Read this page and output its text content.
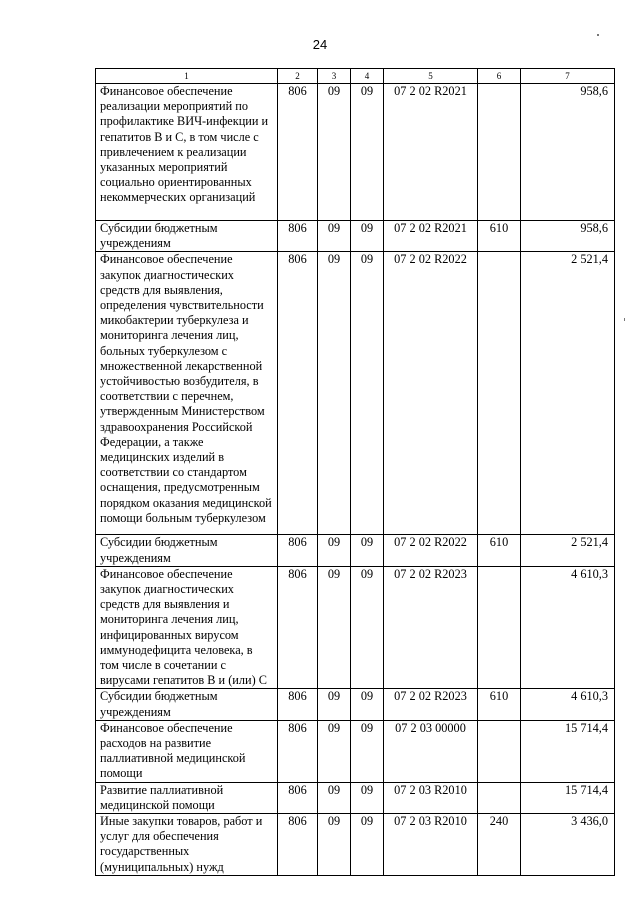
24
1	2	3	4	5	6	7
Финансовое обеспечение реализации мероприятий по профилактике ВИЧ-инфекции и гепатитов В и С, в том числе с привлечением к реализации указанных мероприятий социально ориентированных некоммерческих организаций	806	09	09	07 2 02 R2021		958,6
Субсидии бюджетным учреждениям	806	09	09	07 2 02 R2021	610	958,6
Финансовое обеспечение закупок диагностических средств для выявления, определения чувствительности микобактерии туберкулеза и мониторинга лечения лиц, больных туберкулезом с множественной лекарственной устойчивостью возбудителя, в соответствии с перечнем, утвержденным Министерством здравоохранения Российской Федерации, а также медицинских изделий в соответствии со стандартом оснащения, предусмотренным порядком оказания медицинской помощи больным туберкулезом	806	09	09	07 2 02 R2022		2 521,4
Субсидии бюджетным учреждениям	806	09	09	07 2 02 R2022	610	2 521,4
Финансовое обеспечение закупок диагностических средств для выявления и мониторинга лечения лиц, инфицированных вирусом иммунодефицита человека, в том числе в сочетании с вирусами гепатитов В и (или) С	806	09	09	07 2 02 R2023		4 610,3
Субсидии бюджетным учреждениям	806	09	09	07 2 02 R2023	610	4 610,3
Финансовое обеспечение расходов на развитие паллиативной медицинской помощи	806	09	09	07 2 03 00000		15 714,4
Развитие паллиативной медицинской помощи	806	09	09	07 2 03 R2010		15 714,4
Иные закупки товаров, работ и услуг для обеспечения государственных (муниципальных) нужд	806	09	09	07 2 03 R2010	240	3 436,0
